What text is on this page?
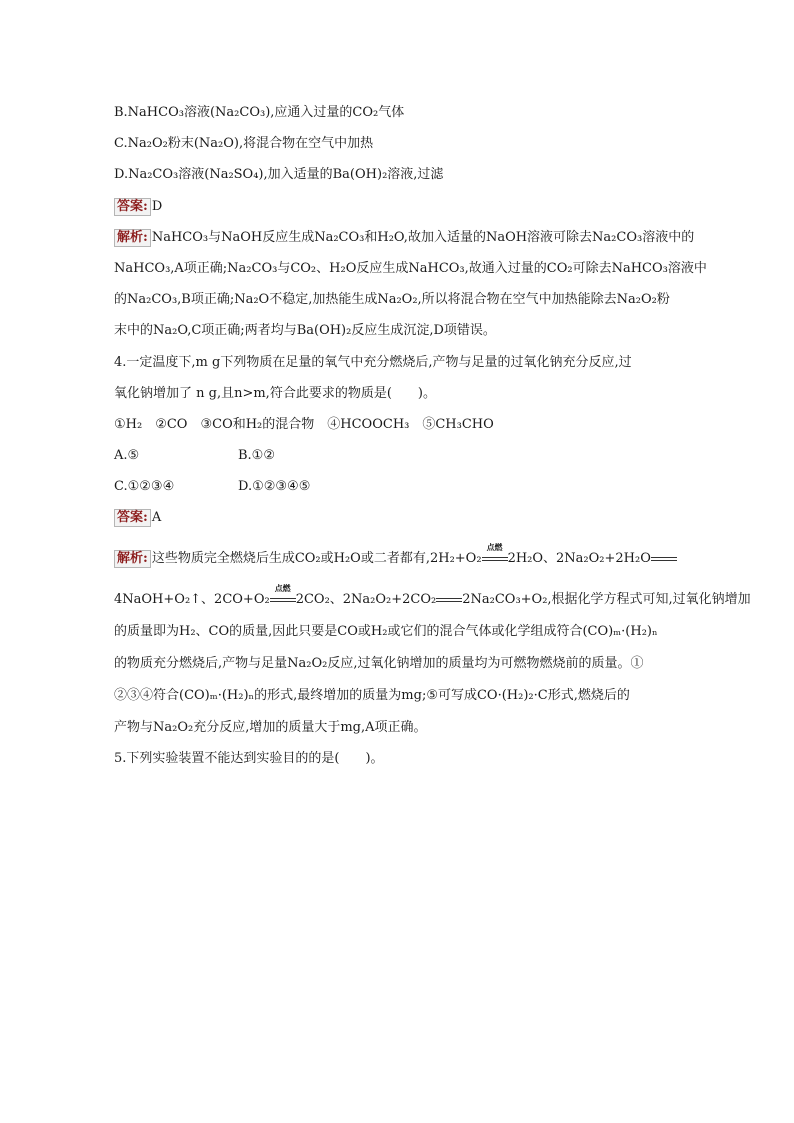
B.NaHCO₃溶液(Na₂CO₃),应通入过量的CO₂气体
C.Na₂O₂粉末(Na₂O),将混合物在空气中加热
D.Na₂CO₃溶液(Na₂SO₄),加入适量的Ba(OH)₂溶液,过滤
答案: D
解析: NaHCO₃与NaOH反应生成Na₂CO₃和H₂O,故加入适量的NaOH溶液可除去Na₂CO₃溶液中的
NaHCO₃,A项正确;Na₂CO₃与CO₂、H₂O反应生成NaHCO₃,故通入过量的CO₂可除去NaHCO₃溶液中
的Na₂CO₃,B项正确;Na₂O不稳定,加热能生成Na₂O₂,所以将混合物在空气中加热能除去Na₂O₂粉
末中的Na₂O,C项正确;两者均与Ba(OH)₂反应生成沉淀,D项错误。
4.一定温度下,m g下列物质在足量的氧气中充分燃烧后,产物与足量的过氧化钠充分反应,过
氧化钠增加了 n g,且n>m,符合此要求的物质是(　　)。
①H₂　②CO　③CO和H₂的混合物　④HCOOCH₃　⑤CH₃CHO
A.⑤	B.①②
C.①②③④	D.①②③④⑤
答案: A
解析: 这些物质完全燃烧后生成CO₂或H₂O或二者都有,2H₂+O₂
点燃
2H₂O、2Na₂O₂+2H₂O
4NaOH+O₂↑、2CO+O₂
点燃
2CO₂、2Na₂O₂+2CO₂ 2Na₂CO₃+O₂,根据化学方程式可知,过氧化钠增加
的质量即为H₂、CO的质量,因此只要是CO或H₂或它们的混合气体或化学组成符合(CO)ₘ·(H₂)ₙ
的物质充分燃烧后,产物与足量Na₂O₂反应,过氧化钠增加的质量均为可燃物燃烧前的质量。①
②③④符合(CO)ₘ·(H₂)ₙ的形式,最终增加的质量为mg;⑤可写成CO·(H₂)₂·C形式,燃烧后的
产物与Na₂O₂充分反应,增加的质量大于mg,A项正确。
5.下列实验装置不能达到实验目的的是(　　)。
